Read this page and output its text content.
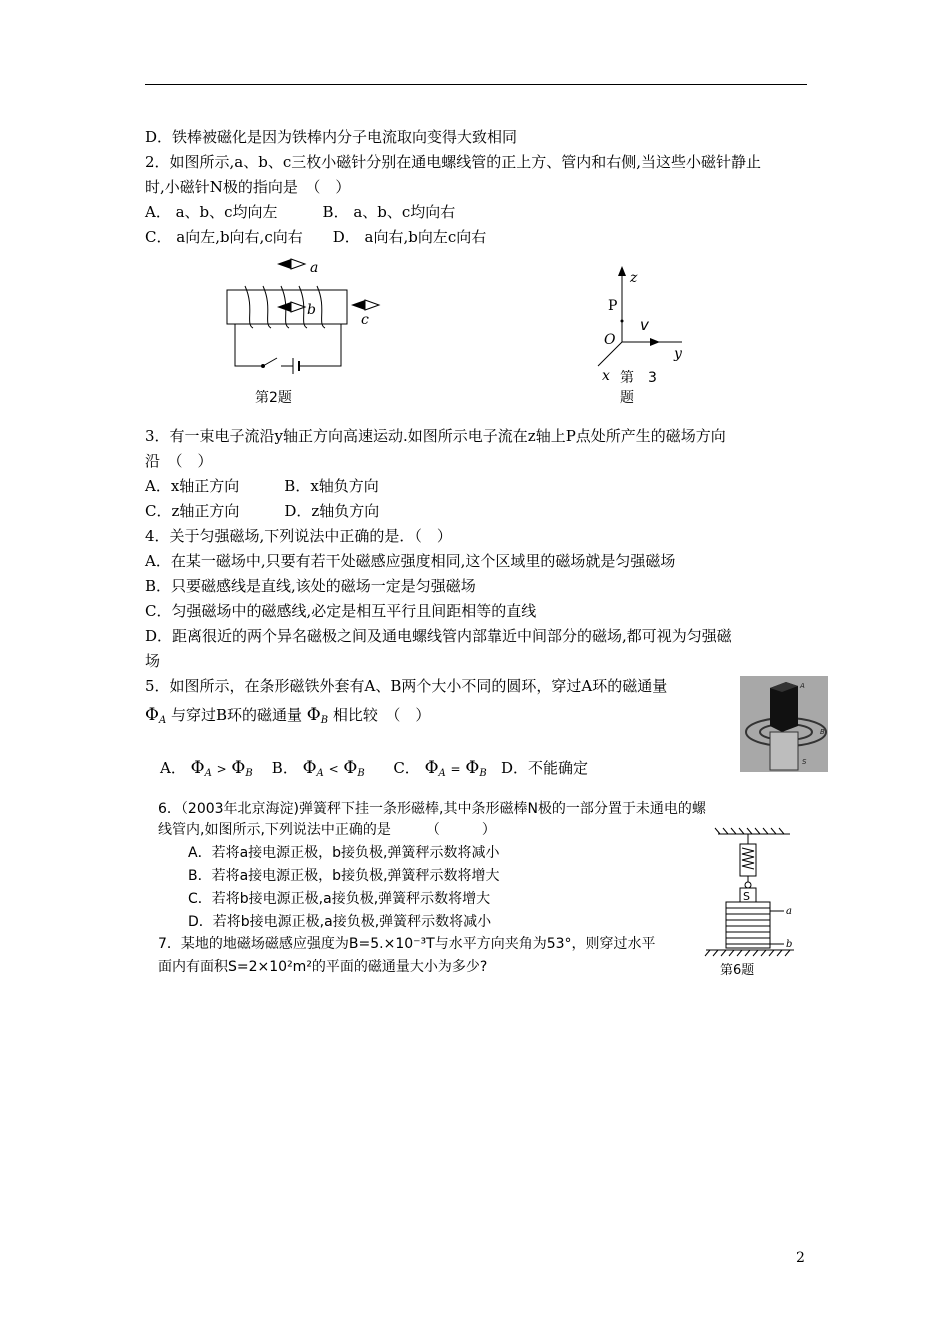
D．铁棒被磁化是因为铁棒内分子电流取向变得大致相同
2．如图所示,a、b、c三枚小磁针分别在通电螺线管的正上方、管内和右侧,当这些小磁针静止
时,小磁针N极的指向是　（　）
A． a、b、c均向左　　　B． a、b、c均向右
C． a向左,b向右,c向右　　D． a向右,b向左c向右
a
b
c
第2题
z
P
O
v
y
x 第　3
题
3．有一束电子流沿y轴正方向高速运动.如图所示电子流在z轴上P点处所产生的磁场方向
沿　（　）
A．x轴正方向　　　B．x轴负方向
C．z轴正方向　　　D．z轴负方向
4．关于匀强磁场,下列说法中正确的是．（　）
A．在某一磁场中,只要有若干处磁感应强度相同,这个区域里的磁场就是匀强磁场
B．只要磁感线是直线,该处的磁场一定是匀强磁场
C．匀强磁场中的磁感线,必定是相互平行且间距相等的直线
D．距离很近的两个异名磁极之间及通电螺线管内部靠近中间部分的磁场,都可视为匀强磁
场
5．如图所示，在条形磁铁外套有A、B两个大小不同的圆环，穿过A环的磁通量
$\Phi_A$ 与穿过B环的磁通量 $\Phi_B$ 相比较　（　）
A． $\Phi_A > \Phi_B$ B． $\Phi_A < \Phi_B$ C． $\Phi_A = \Phi_B$ D．不能确定
A
B
S
6．（2003年北京海淀)弹簧秤下挂一条形磁棒,其中条形磁棒N极的一部分置于未通电的螺
线管内,如图所示,下列说法中正确的是　　　（　　　）
A．若将a接电源正极，b接负极,弹簧秤示数将减小
B．若将a接电源正极，b接负极,弹簧秤示数将增大
C．若将b接电源正极,a接负极,弹簧秤示数将增大
D．若将b接电源正极,a接负极,弹簧秤示数将减小
7．某地的地磁场磁感应强度为B=5.×10⁻³T与水平方向夹角为53°，则穿过水平
面内有面积S=2×10²m²的平面的磁通量大小为多少?
S
a
b
第6题
2
